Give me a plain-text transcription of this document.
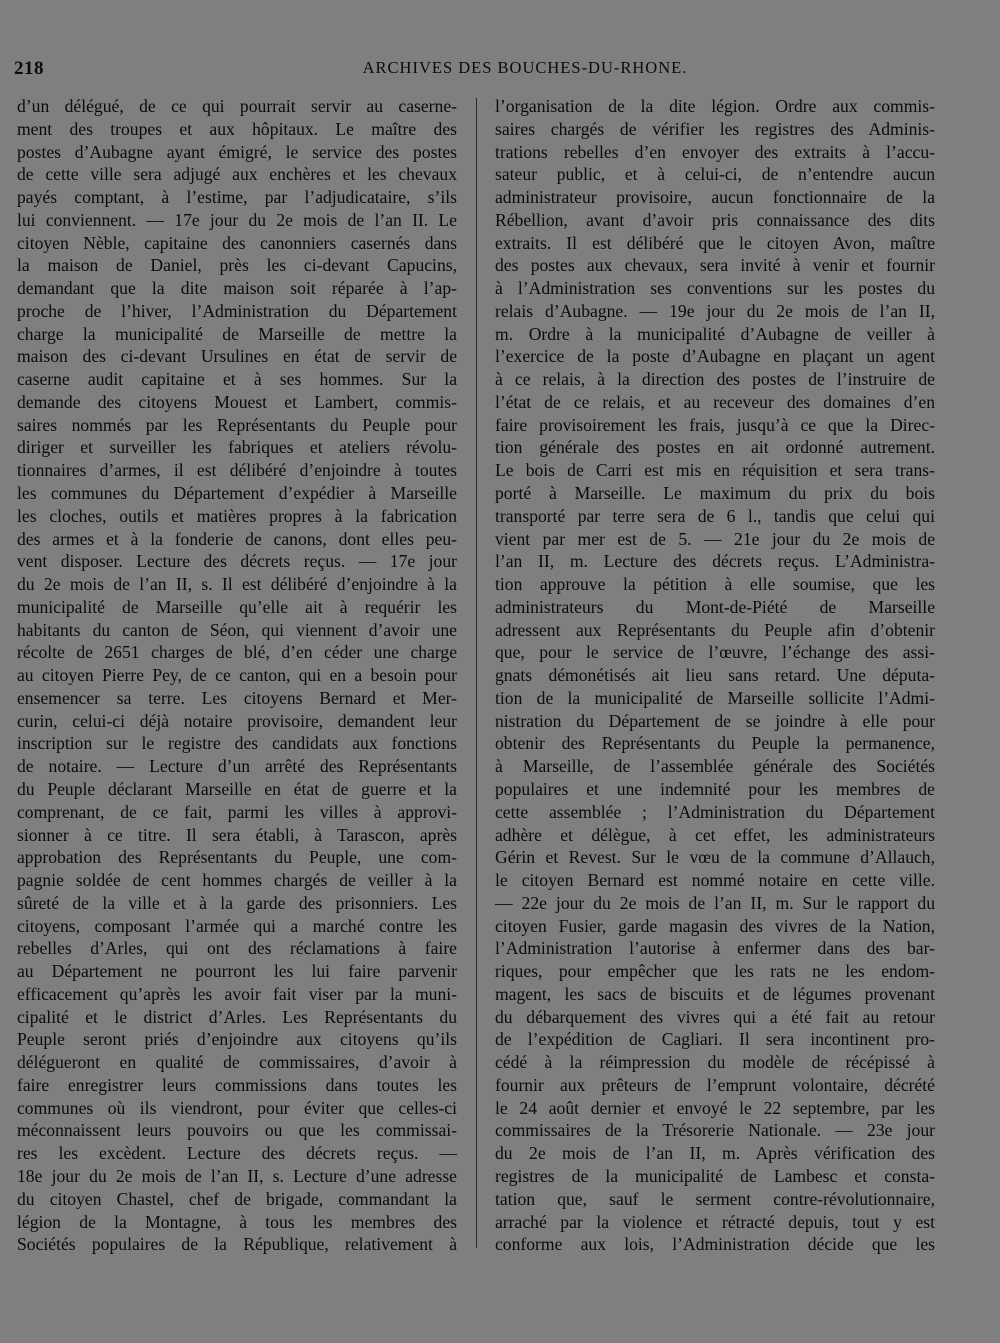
218	ARCHIVES DES BOUCHES-DU-RHONE.
d’un délégué, de ce qui pourrait servir au caserne-
ment des troupes et aux hôpitaux. Le maître des
postes d’Aubagne ayant émigré, le service des postes
de cette ville sera adjugé aux enchères et les chevaux
payés comptant, à l’estime, par l’adjudicataire, s’ils
lui conviennent. — 17e jour du 2e mois de l’an II. Le
citoyen Nèble, capitaine des canonniers casernés dans
la maison de Daniel, près les ci-devant Capucins,
demandant que la dite maison soit réparée à l’ap-
proche de l’hiver, l’Administration du Département
charge la municipalité de Marseille de mettre la
maison des ci-devant Ursulines en état de servir de
caserne audit capitaine et à ses hommes. Sur la
demande des citoyens Mouest et Lambert, commis-
saires nommés par les Représentants du Peuple pour
diriger et surveiller les fabriques et ateliers révolu-
tionnaires d’armes, il est délibéré d’enjoindre à toutes
les communes du Département d’expédier à Marseille
les cloches, outils et matières propres à la fabrication
des armes et à la fonderie de canons, dont elles peu-
vent disposer. Lecture des décrets reçus. — 17e jour
du 2e mois de l’an II, s. Il est délibéré d’enjoindre à la
municipalité de Marseille qu’elle ait à requérir les
habitants du canton de Séon, qui viennent d’avoir une
récolte de 2651 charges de blé, d’en céder une charge
au citoyen Pierre Pey, de ce canton, qui en a besoin pour
ensemencer sa terre. Les citoyens Bernard et Mer-
curin, celui-ci déjà notaire provisoire, demandent leur
inscription sur le registre des candidats aux fonctions
de notaire. — Lecture d’un arrêté des Représentants
du Peuple déclarant Marseille en état de guerre et la
comprenant, de ce fait, parmi les villes à approvi-
sionner à ce titre. Il sera établi, à Tarascon, après
approbation des Représentants du Peuple, une com-
pagnie soldée de cent hommes chargés de veiller à la
sûreté de la ville et à la garde des prisonniers. Les
citoyens, composant l’armée qui a marché contre les
rebelles d’Arles, qui ont des réclamations à faire
au Département ne pourront les lui faire parvenir
efficacement qu’après les avoir fait viser par la muni-
cipalité et le district d’Arles. Les Représentants du
Peuple seront priés d’enjoindre aux citoyens qu’ils
délégueront en qualité de commissaires, d’avoir à
faire enregistrer leurs commissions dans toutes les
communes où ils viendront, pour éviter que celles-ci
méconnaissent leurs pouvoirs ou que les commissai-
res les excèdent. Lecture des décrets reçus. —
18e jour du 2e mois de l’an II, s. Lecture d’une adresse
du citoyen Chastel, chef de brigade, commandant la
légion de la Montagne, à tous les membres des
Sociétés populaires de la République, relativement à
l’organisation de la dite légion. Ordre aux commis-
saires chargés de vérifier les registres des Adminis-
trations rebelles d’en envoyer des extraits à l’accu-
sateur public, et à celui-ci, de n’entendre aucun
administrateur provisoire, aucun fonctionnaire de la
Rébellion, avant d’avoir pris connaissance des dits
extraits. Il est délibéré que le citoyen Avon, maître
des postes aux chevaux, sera invité à venir et fournir
à l’Administration ses conventions sur les postes du
relais d’Aubagne. — 19e jour du 2e mois de l’an II,
m. Ordre à la municipalité d’Aubagne de veiller à
l’exercice de la poste d’Aubagne en plaçant un agent
à ce relais, à la direction des postes de l’instruire de
l’état de ce relais, et au receveur des domaines d’en
faire provisoirement les frais, jusqu’à ce que la Direc-
tion générale des postes en ait ordonné autrement.
Le bois de Carri est mis en réquisition et sera trans-
porté à Marseille. Le maximum du prix du bois
transporté par terre sera de 6 l., tandis que celui qui
vient par mer est de 5. — 21e jour du 2e mois de
l’an II, m. Lecture des décrets reçus. L’Administra-
tion approuve la pétition à elle soumise, que les
administrateurs du Mont-de-Piété de Marseille
adressent aux Représentants du Peuple afin d’obtenir
que, pour le service de l’œuvre, l’échange des assi-
gnats démonétisés ait lieu sans retard. Une députa-
tion de la municipalité de Marseille sollicite l’Admi-
nistration du Département de se joindre à elle pour
obtenir des Représentants du Peuple la permanence,
à Marseille, de l’assemblée générale des Sociétés
populaires et une indemnité pour les membres de
cette assemblée ; l’Administration du Département
adhère et délègue, à cet effet, les administrateurs
Gérin et Revest. Sur le vœu de la commune d’Allauch,
le citoyen Bernard est nommé notaire en cette ville.
— 22e jour du 2e mois de l’an II, m. Sur le rapport du
citoyen Fusier, garde magasin des vivres de la Nation,
l’Administration l’autorise à enfermer dans des bar-
riques, pour empêcher que les rats ne les endom-
magent, les sacs de biscuits et de légumes provenant
du débarquement des vivres qui a été fait au retour
de l’expédition de Cagliari. Il sera incontinent pro-
cédé à la réimpression du modèle de récépissé à
fournir aux prêteurs de l’emprunt volontaire, décrété
le 24 août dernier et envoyé le 22 septembre, par les
commissaires de la Trésorerie Nationale. — 23e jour
du 2e mois de l’an II, m. Après vérification des
registres de la municipalité de Lambesc et consta-
tation que, sauf le serment contre-révolutionnaire,
arraché par la violence et rétracté depuis, tout y est
conforme aux lois, l’Administration décide que les
